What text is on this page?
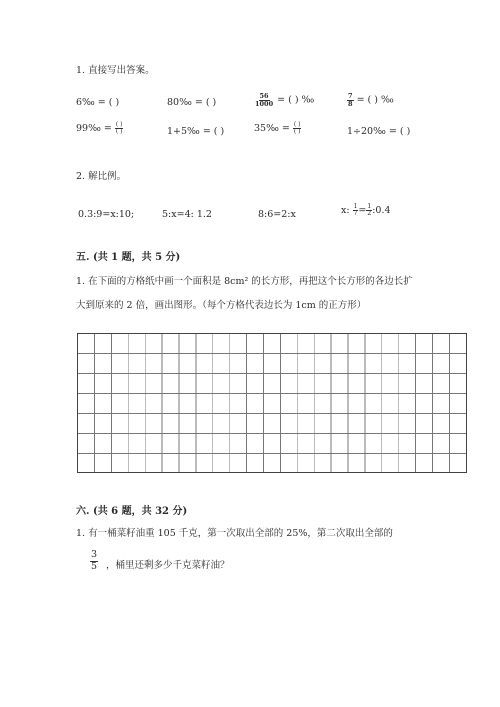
1. 直接写出答案。
6‰ = ( )	80‰ = ( )	$\frac{56}{1000}$ = ( ) ‰	$\frac{7}{8}$ = ( ) ‰
99‰ = $\frac{( )}{( )}$	1+5‰ = ( )	35‰ = $\frac{( )}{( )}$	1÷20‰ = ( )
2. 解比例。
0.3:9=x:10;	5:x=4: 1.2	8:6=2:x	x: $\frac{1}{7} = \frac{1}{2}$ :0.4
五. (共 1 题，共 5 分)
1. 在下面的方格纸中画一个面积是 8cm² 的长方形，再把这个长方形的各边长扩
大到原来的 2 倍，画出图形。（每个方格代表边长为 1cm 的正方形）
六. (共 6 题，共 32 分)
1. 有一桶菜籽油重 105 千克，第一次取出全部的 25%，第二次取出全部的
$\frac{3}{5}$ ，桶里还剩多少千克菜籽油？
